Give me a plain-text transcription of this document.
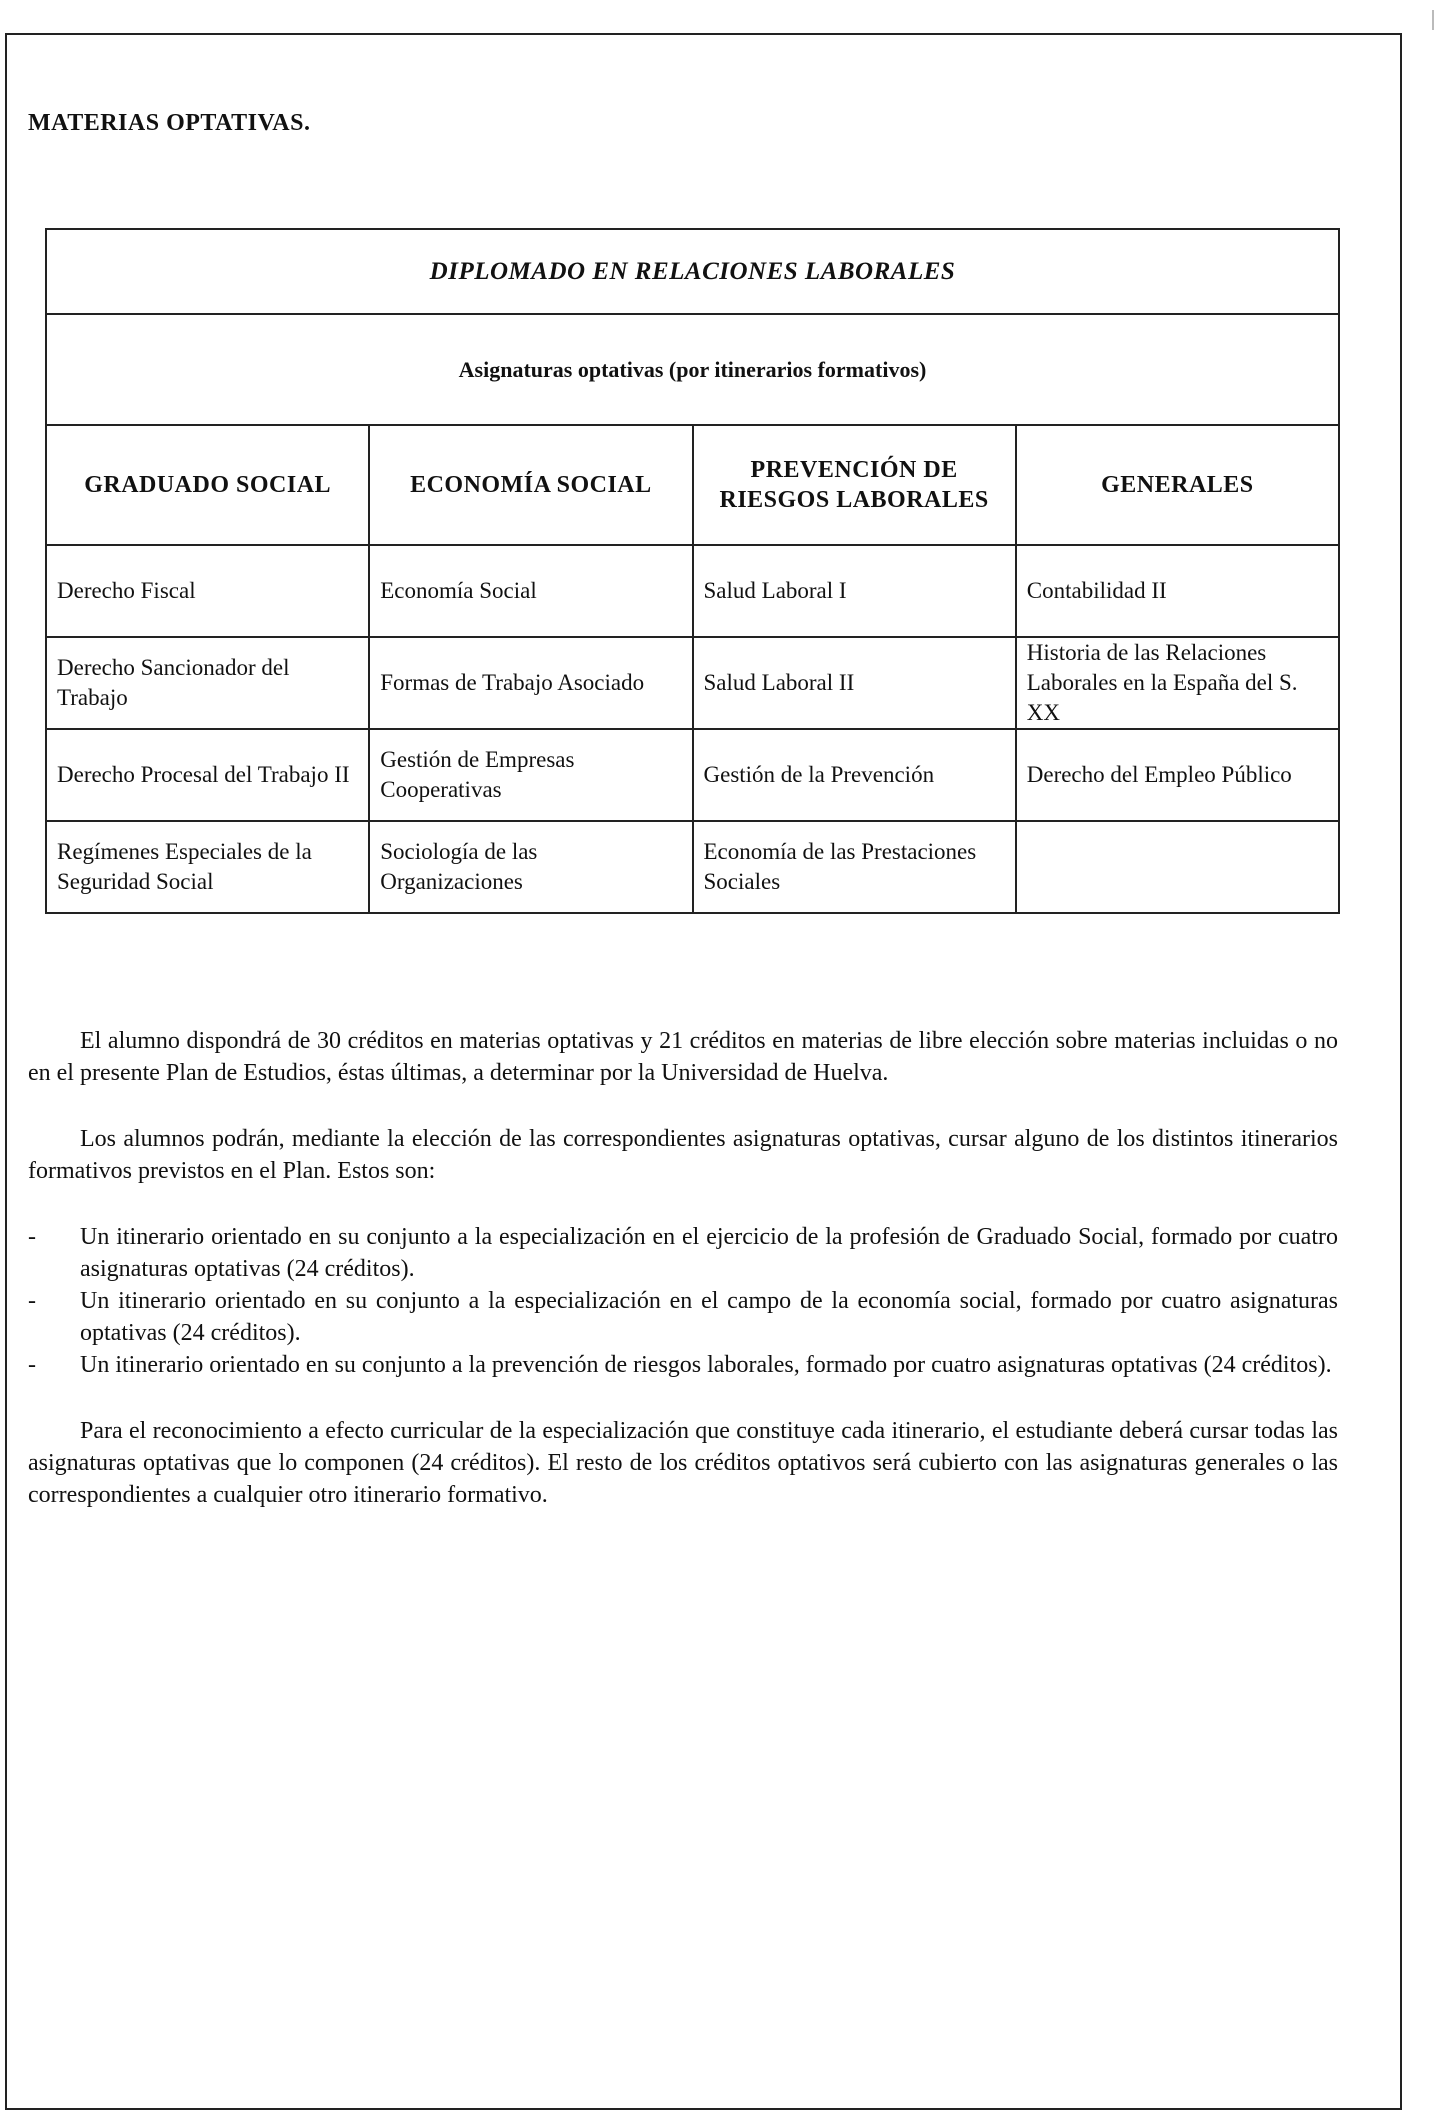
MATERIAS OPTATIVAS.
DIPLOMADO EN RELACIONES LABORALES			
Asignaturas optativas (por itinerarios formativos)			
GRADUADO SOCIAL	ECONOMÍA SOCIAL	PREVENCIÓN DE RIESGOS LABORALES	GENERALES
Derecho Fiscal	Economía Social	Salud Laboral I	Contabilidad II
Derecho Sancionador del Trabajo	Formas de Trabajo Asociado	Salud Laboral II	Historia de las Relaciones Laborales en la España del S. XX
Derecho Procesal del Trabajo II	Gestión de Empresas Cooperativas	Gestión de la Prevención	Derecho del Empleo Público
Regímenes Especiales de la Seguridad Social	Sociología de las Organizaciones	Economía de las Prestaciones Sociales	

El alumno dispondrá de 30 créditos en materias optativas y 21 créditos en materias de libre elección sobre materias incluidas o no en el presente Plan de Estudios, éstas últimas, a determinar por la Universidad de Huelva.

Los alumnos podrán, mediante la elección de las correspondientes asignaturas optativas, cursar alguno de los distintos itinerarios formativos previstos en el Plan. Estos son:

- Un itinerario orientado en su conjunto a la especialización en el ejercicio de la profesión de Graduado Social, formado por cuatro asignaturas optativas (24 créditos).
- Un itinerario orientado en su conjunto a la especialización en el campo de la economía social, formado por cuatro asignaturas optativas (24 créditos).
- Un itinerario orientado en su conjunto a la prevención de riesgos laborales, formado por cuatro asignaturas optativas (24 créditos).

Para el reconocimiento a efecto curricular de la especialización que constituye cada itinerario, el estudiante deberá cursar todas las asignaturas optativas que lo componen (24 créditos). El resto de los créditos optativos será cubierto con las asignaturas generales o las correspondientes a cualquier otro itinerario formativo.
